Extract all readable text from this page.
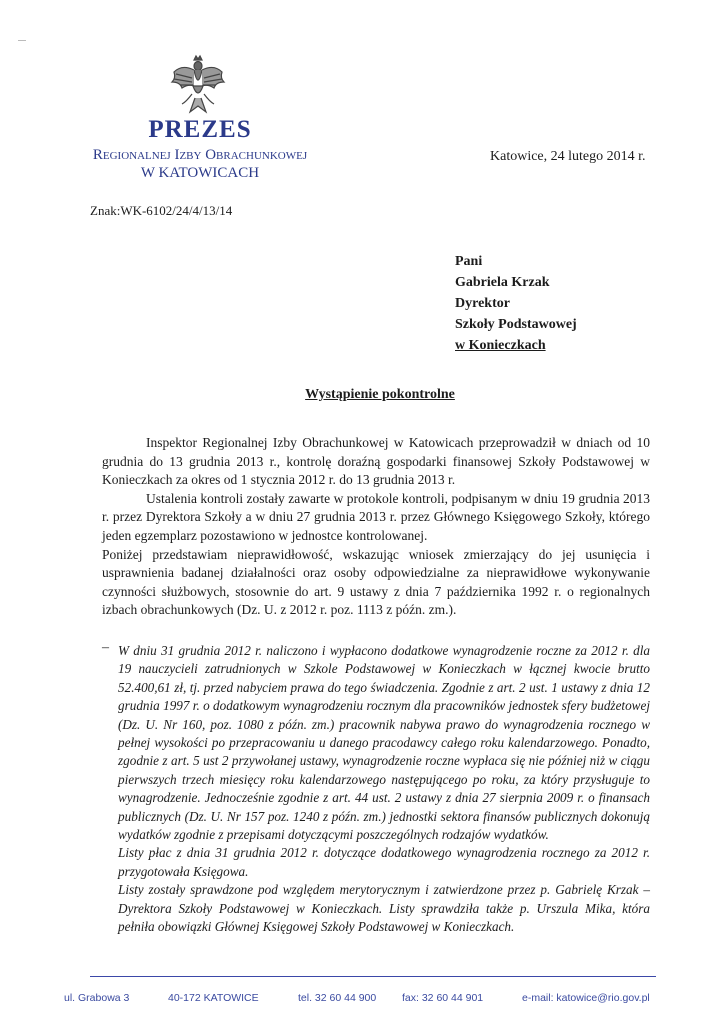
PREZES
Regionalnej Izby Obrachunkowej
W KATOWICACH
Katowice, 24 lutego 2014 r.
Znak:WK-6102/24/4/13/14
Pani
Gabriela Krzak
Dyrektor
Szkoły Podstawowej
w Konieczkach
Wystąpienie pokontrolne

Inspektor Regionalnej Izby Obrachunkowej w Katowicach przeprowadził w dniach od 10 grudnia do 13 grudnia 2013 r., kontrolę doraźną gospodarki finansowej Szkoły Podstawowej w Konieczkach za okres od 1 stycznia 2012 r. do 13 grudnia 2013 r.

Ustalenia kontroli zostały zawarte w protokole kontroli, podpisanym w dniu 19 grudnia 2013 r. przez Dyrektora Szkoły a w dniu 27 grudnia 2013 r. przez Głównego Księgowego Szkoły, którego jeden egzemplarz pozostawiono w jednostce kontrolowanej.

Poniżej przedstawiam nieprawidłowość, wskazując wniosek zmierzający do jej usunięcia i usprawnienia badanej działalności oraz osoby odpowiedzialne za nieprawidłowe wykonywanie czynności służbowych, stosownie do art. 9 ustawy z dnia 7 października 1992 r. o regionalnych izbach obrachunkowych (Dz. U. z 2012 r. poz. 1113 z późn. zm.).

– W dniu 31 grudnia 2012 r. naliczono i wypłacono dodatkowe wynagrodzenie roczne za 2012 r. dla 19 nauczycieli zatrudnionych w Szkole Podstawowej w Konieczkach w łącznej kwocie brutto 52.400,61 zł, tj. przed nabyciem prawa do tego świadczenia. Zgodnie z art. 2 ust. 1 ustawy z dnia 12 grudnia 1997 r. o dodatkowym wynagrodzeniu rocznym dla pracowników jednostek sfery budżetowej (Dz. U. Nr 160, poz. 1080 z późn. zm.) pracownik nabywa prawo do wynagrodzenia rocznego w pełnej wysokości po przepracowaniu u danego pracodawcy całego roku kalendarzowego. Ponadto, zgodnie z art. 5 ust 2 przywołanej ustawy, wynagrodzenie roczne wypłaca się nie później niż w ciągu pierwszych trzech miesięcy roku kalendarzowego następującego po roku, za który przysługuje to wynagrodzenie. Jednocześnie zgodnie z art. 44 ust. 2 ustawy z dnia 27 sierpnia 2009 r. o finansach publicznych (Dz. U. Nr 157 poz. 1240 z późn. zm.) jednostki sektora finansów publicznych dokonują wydatków zgodnie z przepisami dotyczącymi poszczególnych rodzajów wydatków.

Listy płac z dnia 31 grudnia 2012 r. dotyczące dodatkowego wynagrodzenia rocznego za 2012 r. przygotowała Księgowa.

Listy zostały sprawdzone pod względem merytorycznym i zatwierdzone przez p. Gabrielę Krzak – Dyrektora Szkoły Podstawowej w Konieczkach. Listy sprawdziła także p. Urszula Mika, która pełniła obowiązki Głównej Księgowej Szkoły Podstawowej w Konieczkach.

ul. Grabowa 3	40-172 KATOWICE	tel. 32 60 44 900 fax: 32 60 44 901	e-mail: katowice@rio.gov.pl
